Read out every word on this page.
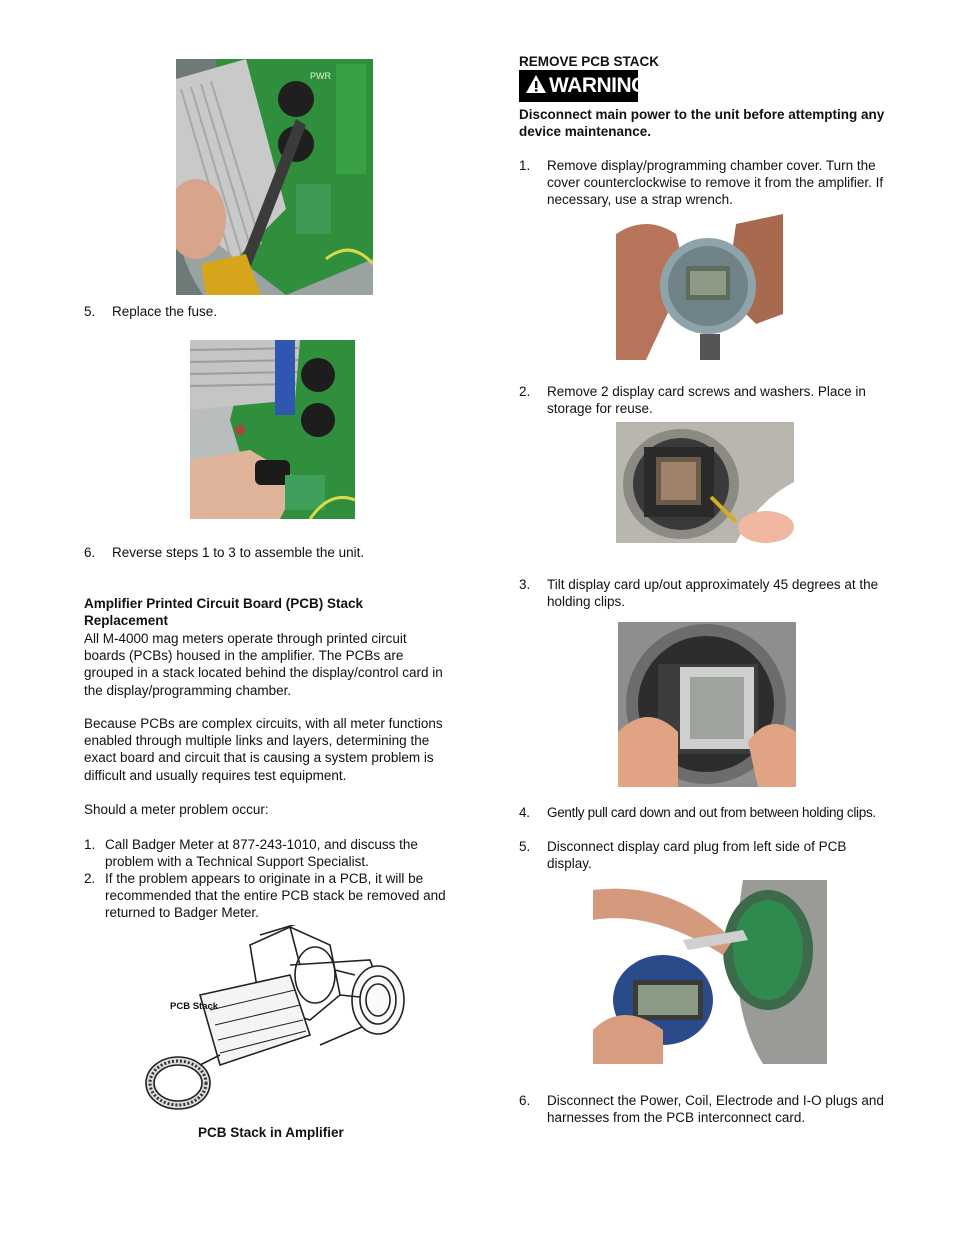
PWR
5. Replace the fuse.
6. Reverse steps 1 to 3 to assemble the unit.
Amplifier Printed Circuit Board (PCB) Stack
Replacement
All M-4000 mag meters operate through printed circuit
boards (PCBs) housed in the amplifier. The PCBs are
grouped in a stack located behind the display/control card in
the display/programming chamber.
Because PCBs are complex circuits, with all meter functions
enabled through multiple links and layers, determining the
exact board and circuit that is causing a system problem is
difficult and usually requires test equipment.
Should a meter problem occur:
1. Call Badger Meter at 877-243-1010, and discuss the
problem with a Technical Support Specialist.
2. If the problem appears to originate in a PCB, it will be
recommended that the entire PCB stack be removed and
returned to Badger Meter.
PCB Stack
PCB Stack in Amplifier
REMOVE PCB STACK
WARNING
Disconnect main power to the unit before attempting any
device maintenance.
1. Remove display/programming chamber cover. Turn the
cover counterclockwise to remove it from the amplifier. If
necessary, use a strap wrench.
2. Remove 2 display card screws and washers. Place in
storage for reuse.
3. Tilt display card up/out approximately 45 degrees at the
holding clips.
4. Gently pull card down and out from between holding clips.
5. Disconnect display card plug from left side of PCB
display.
6. Disconnect the Power, Coil, Electrode and I-O plugs and
harnesses from the PCB interconnect card.
